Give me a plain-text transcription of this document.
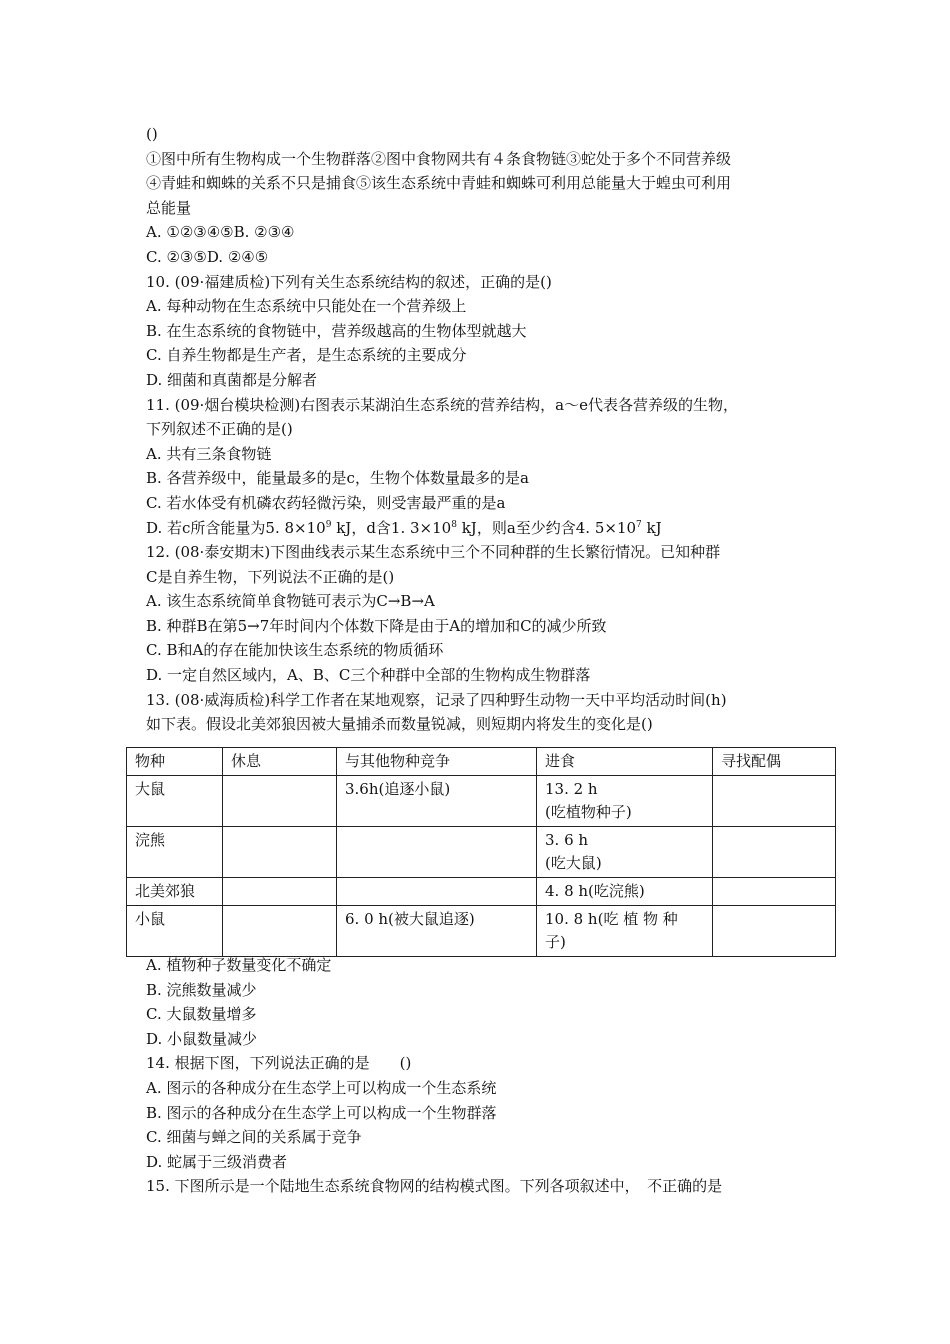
()
①图中所有生物构成一个生物群落②图中食物网共有４条食物链③蛇处于多个不同营养级
④青蛙和蜘蛛的关系不只是捕食⑤该生态系统中青蛙和蜘蛛可利用总能量大于蝗虫可利用
总能量
A. ①②③④⑤B. ②③④
C. ②③⑤D. ②④⑤
10. (09·福建质检)下列有关生态系统结构的叙述，正确的是()
A. 每种动物在生态系统中只能处在一个营养级上
B. 在生态系统的食物链中，营养级越高的生物体型就越大
C. 自养生物都是生产者，是生态系统的主要成分
D. 细菌和真菌都是分解者
11. (09·烟台模块检测)右图表示某湖泊生态系统的营养结构，a～e代表各营养级的生物，
下列叙述不正确的是()
A. 共有三条食物链
B. 各营养级中，能量最多的是c，生物个体数量最多的是a
C. 若水体受有机磷农药轻微污染，则受害最严重的是a
D. 若c所含能量为5. $8\times 10^9$ kJ，d含1. $3\times 10^8$ kJ，则a至少约含4. $5\times 10^7$ kJ
12. (08·泰安期末)下图曲线表示某生态系统中三个不同种群的生长繁衍情况。已知种群
C是自养生物，下列说法不正确的是()
A. 该生态系统简单食物链可表示为C→B→A
B. 种群B在第5→7年时间内个体数下降是由于A的增加和C的减少所致
C. B和A的存在能加快该生态系统的物质循环
D. 一定自然区域内，A、B、C三个种群中全部的生物构成生物群落
13. (08·威海质检)科学工作者在某地观察，记录了四种野生动物一天中平均活动时间(h)
如下表。假设北美郊狼因被大量捕杀而数量锐减，则短期内将发生的变化是()
物种	休息	与其他物种竞争	进食	寻找配偶
大鼠		3.6h(追逐小鼠)	13. 2 h
(吃植物种子)	

浣熊			3. 6 h
(吃大鼠)	

北美郊狼			4. 8 h(吃浣熊)	

小鼠		6. 0 h(被大鼠追逐)	10. 8 h(吃 植 物 种
子)	

A. 植物种子数量变化不确定
B. 浣熊数量减少
C. 大鼠数量增多
D. 小鼠数量减少
14. 根据下图，下列说法正确的是　　()
A. 图示的各种成分在生态学上可以构成一个生态系统
B. 图示的各种成分在生态学上可以构成一个生物群落
C. 细菌与蝉之间的关系属于竞争
D. 蛇属于三级消费者
15. 下图所示是一个陆地生态系统食物网的结构模式图。下列各项叙述中，　不正确的是
